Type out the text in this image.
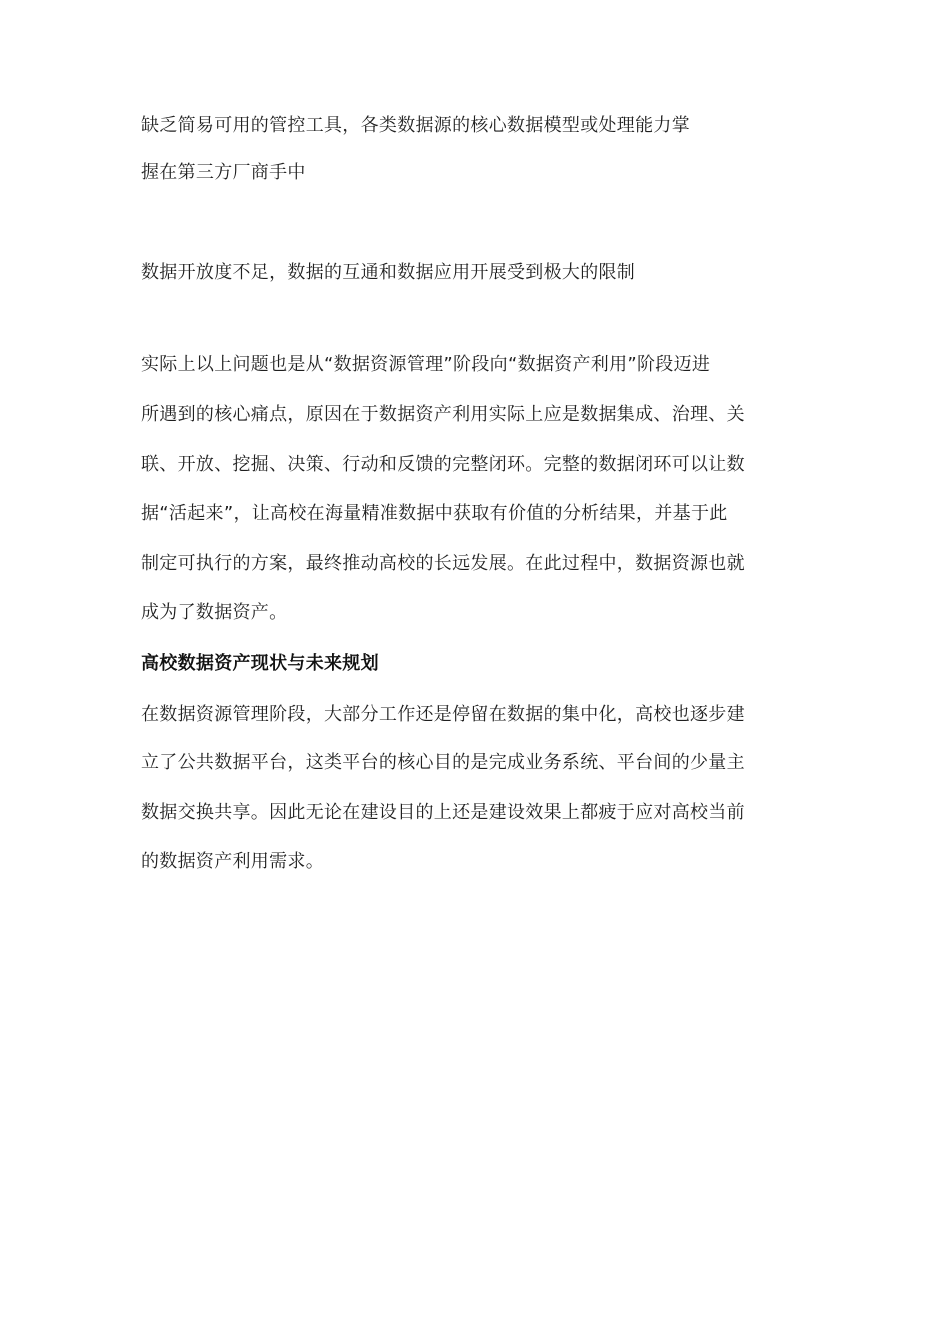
缺乏简易可用的管控工具，各类数据源的核心数据模型或处理能力掌

握在第三方厂商手中

数据开放度不足，数据的互通和数据应用开展受到极大的限制

实际上以上问题也是从“数据资源管理”阶段向“数据资产利用”阶段迈进

所遇到的核心痛点，原因在于数据资产利用实际上应是数据集成、治理、关

联、开放、挖掘、决策、行动和反馈的完整闭环。完整的数据闭环可以让数

据“活起来”，让高校在海量精准数据中获取有价值的分析结果，并基于此

制定可执行的方案，最终推动高校的长远发展。在此过程中，数据资源也就

成为了数据资产。

高校数据资产现状与未来规划

在数据资源管理阶段，大部分工作还是停留在数据的集中化，高校也逐步建

立了公共数据平台，这类平台的核心目的是完成业务系统、平台间的少量主

数据交换共享。因此无论在建设目的上还是建设效果上都疲于应对高校当前

的数据资产利用需求。
